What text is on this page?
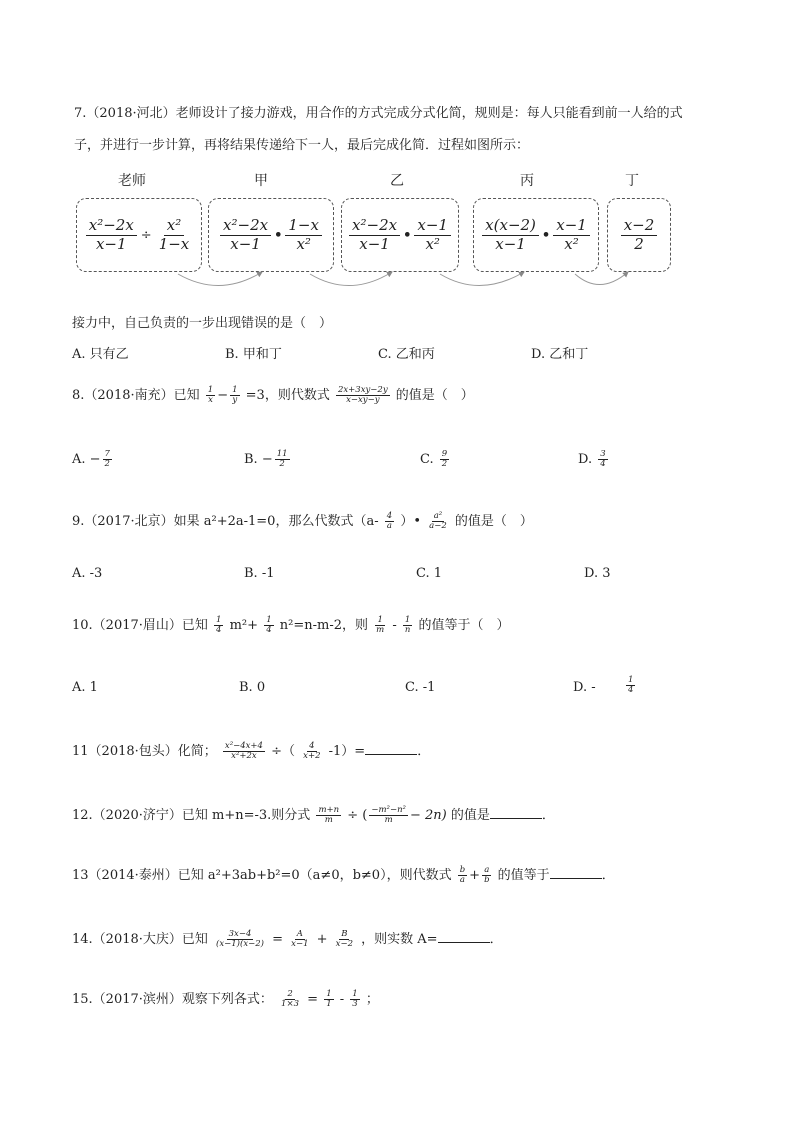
7.（2018·河北）老师设计了接力游戏，用合作的方式完成分式化简，规则是：每人只能看到前一人给的式
子，并进行一步计算，再将结果传递给下一人，最后完成化简．过程如图所示：
老师	甲	乙	丙	丁
$\frac{\text{x²−2x}}{x-1} \div \frac{\text{x²}}{1-x} \frac{\text{x²−2x}}{x-1}$ • $\frac{1-x}{\text{x²}} \frac{\text{x²−2x}}{x-1}$ • $\frac{x-1}{\text{x²}} \frac{x(x-2)}{x-1}$ • $\frac{x-1}{\text{x²}} \frac{x-2}{2}$
接力中，自己负责的一步出现错误的是（　）
A. 只有乙	B. 甲和丁	C. 乙和丙	D. 乙和丁
8.（2018·南充）已知 $\frac{1}{x} - \frac{1}{y} =3$，则代数式 $\frac{2x+3xy-2y}{x-xy-y}$ 的值是（　）
A. − $\frac{7}{2}$	B. − $\frac{11}{2}$	C. $\frac{9}{2}$	D. $\frac{3}{4}$
9.（2017·北京）如果 a²+2a-1=0，那么代数式（$a- \frac{4}{a}$ ）• $\frac{\text{a²}}{a-2}$ 的值是（　）
A. -3	B. -1	C. 1	D. 3
10.（2017·眉山）已知 $\frac{1}{4} m^2+ \frac{1}{4} n^2=n-m-2$，则 $\frac{1}{m} - \frac{1}{n}$ 的值等于（　）
A. 1	B. 0	C. -1	D. -	$\frac{1}{4}$
11（2018·包头）化简； $\frac{\text{x²−4x+4}}{\text{x²+2x}}$ ÷（ $\frac{4}{x+2} -1)=$	．
12.（2020·济宁）已知 m+n=-3.则分式 $\frac{m+n}{m}$ ÷ ( $\frac{\text{−m²−n²}}{m} - 2n$) 的值是	．
13（2014·泰州）已知 a²+3ab+b²=0（a≠0，b≠0），则代数式 $\frac{b}{a} + \frac{a}{b}$ 的值等于	．
14.（2018·大庆）已知 $\frac{3x-4}{(x-1)(x-2)} = \frac{A}{x-1} + \frac{B}{x-2}$ ，则实数 A=	．
15.（2017·滨州）观察下列各式： $\frac{2}{1\times 3} = \frac{1}{1} - \frac{1}{3}$ ；
